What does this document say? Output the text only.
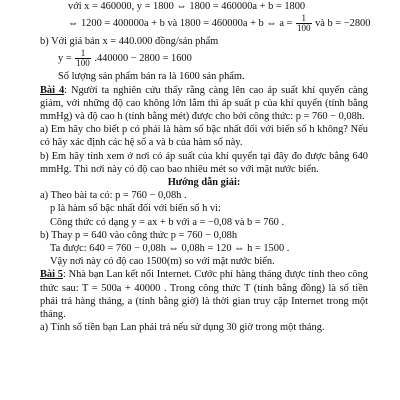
với x = 460000, y = 1800 ⇔ 1800 = 460000a + b = 1800
⇔ 1200 = 400000a + b và 1800 = 460000a + b ⇔ $a = \frac{1}{100}$ và b = −2800
b) Với giá bán x = 440.000 đồng/sản phẩm
$y = \frac{1}{100} .440000 - 2800 = 1600$
Số lượng sản phẩm bán ra là 1600 sản phẩm.
Bài 4: Người ta nghiên cứu thấy rằng càng lên cao áp suất khí quyển càng giảm, với những độ cao không lớn lắm thì áp suất p của khí quyển (tính bằng mmHg) và độ cao h (tính bằng mét) được cho bởi công thức: p = 760 − 0,08h.
a) Em hãy cho biết p có phải là hàm số bậc nhất đối với biến số h không? Nếu có hãy xác định các hệ số a và b của hàm số này.
b) Em hãy tính xem ở nơi có áp suất của khí quyển tại đây đo được bằng 640 mmHg. Thì nơi này có độ cao bao nhiêu mét so với mặt nước biển.
Hướng dẫn giải:
a) Theo bài ta có: p = 760 − 0,08h .
p là hàm số bậc nhất đối với biến số h vì:
Công thức có dạng y = ax + b với a = −0,08 và b = 760 .
b) Thay p = 640 vào công thức p = 760 − 0,08h
Ta được: 640 = 760 − 0,08h ⇔ 0,08h = 120 ⇔ h = 1500 .
Vậy nơi này có độ cao 1500(m) so với mặt nước biển.
Bài 5: Nhà bạn Lan kết nối Internet. Cước phí hàng tháng được tính theo công thức sau: T = 500a + 40000 . Trong công thức T (tính bằng đồng) là số tiền phải trả hàng tháng, a (tính bằng giờ) là thời gian truy cập Internet trong một tháng.
a) Tính số tiền bạn Lan phải trả nếu sử dụng 30 giờ trong một tháng.
